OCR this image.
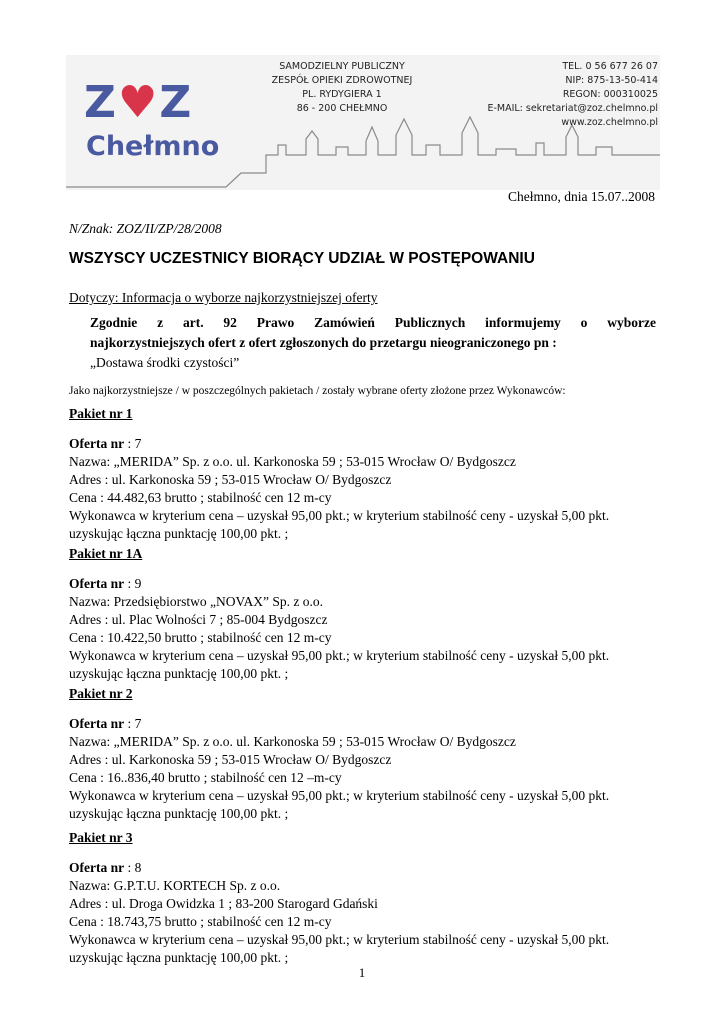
Z♥Z
Chełmno
SAMODZIELNY PUBLICZNY
ZESPÓŁ OPIEKI ZDROWOTNEJ
PL. RYDYGIERA 1
86 - 200 CHEŁMNO
TEL. 0 56 677 26 07
NIP: 875-13-50-414
REGON: 000310025
E-MAIL: sekretariat@zoz.chelmno.pl
www.zoz.chelmno.pl
Chełmno, dnia 15.07..2008
N/Znak: ZOZ/II/ZP/28/2008
WSZYSCY UCZESTNICY BIORĄCY UDZIAŁ W POSTĘPOWANIU
Dotyczy: Informacja o wyborze najkorzystniejszej oferty
Zgodnie z art. 92 Prawo Zamówień Publicznych informujemy o wyborze
najkorzystniejszych ofert z ofert zgłoszonych do przetargu nieograniczonego pn :
„Dostawa środki czystości”
Jako najkorzystniejsze / w poszczególnych pakietach / zostały wybrane oferty złożone przez Wykonawców:
Pakiet nr 1
Oferta nr : 7
Nazwa: „MERIDA” Sp. z o.o. ul. Karkonoska 59 ; 53-015 Wrocław O/ Bydgoszcz
Adres : ul. Karkonoska 59 ; 53-015 Wrocław O/ Bydgoszcz
Cena : 44.482,63 brutto ; stabilność cen 12 m-cy
Wykonawca w kryterium cena – uzyskał 95,00 pkt.; w kryterium stabilność ceny - uzyskał 5,00 pkt.
uzyskując łączna punktację 100,00 pkt. ;
Pakiet nr 1A
Oferta nr : 9
Nazwa: Przedsiębiorstwo „NOVAX” Sp. z o.o.
Adres : ul. Plac Wolności 7 ; 85-004 Bydgoszcz
Cena : 10.422,50 brutto ; stabilność cen 12 m-cy
Wykonawca w kryterium cena – uzyskał 95,00 pkt.; w kryterium stabilność ceny - uzyskał 5,00 pkt.
uzyskując łączna punktację 100,00 pkt. ;
Pakiet nr 2
Oferta nr : 7
Nazwa: „MERIDA” Sp. z o.o. ul. Karkonoska 59 ; 53-015 Wrocław O/ Bydgoszcz
Adres : ul. Karkonoska 59 ; 53-015 Wrocław O/ Bydgoszcz
Cena : 16..836,40 brutto ; stabilność cen 12 –m-cy
Wykonawca w kryterium cena – uzyskał 95,00 pkt.; w kryterium stabilność ceny - uzyskał 5,00 pkt.
uzyskując łączna punktację 100,00 pkt. ;
Pakiet nr 3
Oferta nr : 8
Nazwa: G.P.T.U. KORTECH Sp. z o.o.
Adres : ul. Droga Owidzka 1 ; 83-200 Starogard Gdański
Cena : 18.743,75 brutto ; stabilność cen 12 m-cy
Wykonawca w kryterium cena – uzyskał 95,00 pkt.; w kryterium stabilność ceny - uzyskał 5,00 pkt.
uzyskując łączna punktację 100,00 pkt. ;
1
